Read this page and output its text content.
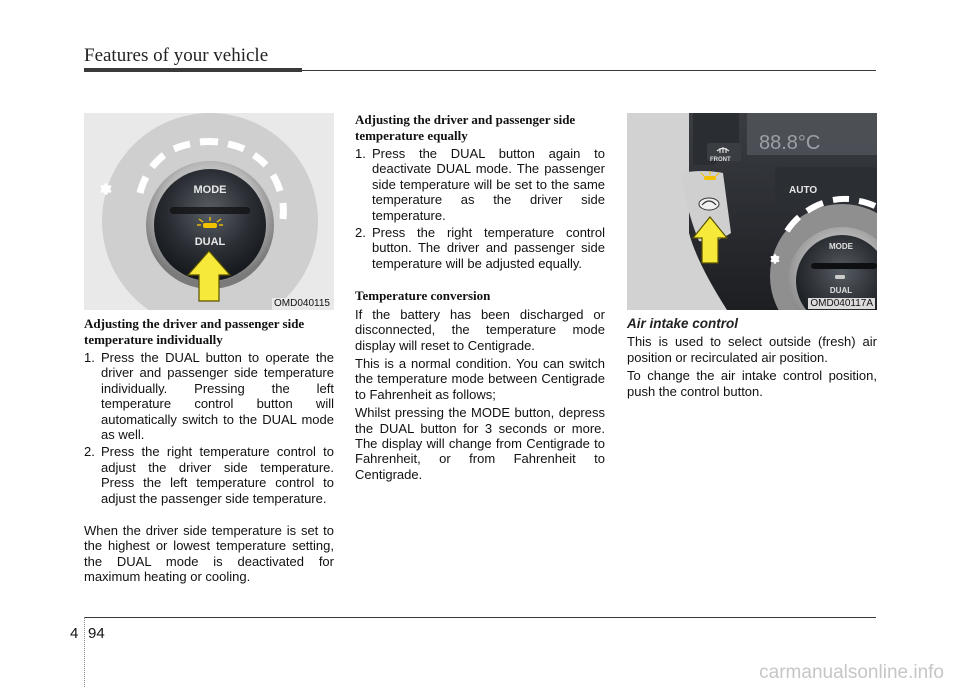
Features of your vehicle
MODE
DUAL
OMD040115
Adjusting the driver and passenger side temperature individually
1. Press the DUAL button to operate the driver and passenger side temperature individually. Pressing the left temperature control button will automatically switch to the DUAL mode as well.
2. Press the right temperature control to adjust the driver side temperature. Press the left temperature control to adjust the passenger side temperature.

When the driver side temperature is set to the highest or lowest temperature setting, the DUAL mode is deactivated for maximum heating or cooling.

Adjusting the driver and passenger side temperature equally
1. Press the DUAL button again to deactivate DUAL mode. The passenger side temperature will be set to the same temperature as the driver side temperature.
2. Press the right temperature control button. The driver and passenger side temperature will be adjusted equally.
Temperature conversion

If the battery has been discharged or disconnected, the temperature mode display will reset to Centigrade.

This is a normal condition. You can switch the temperature mode between Centigrade to Fahrenheit as follows;

Whilst pressing the MODE button, depress the DUAL button for 3 seconds or more. The display will change from Centigrade to Fahrenheit, or from Fahrenheit to Centigrade.

88.8°C
FRONT
AUTO
MODE
DUAL
OMD040117A
Air intake control

This is used to select outside (fresh) air position or recirculated air position.

To change the air intake control position, push the control button.

4 94
carmanualsonline.info
